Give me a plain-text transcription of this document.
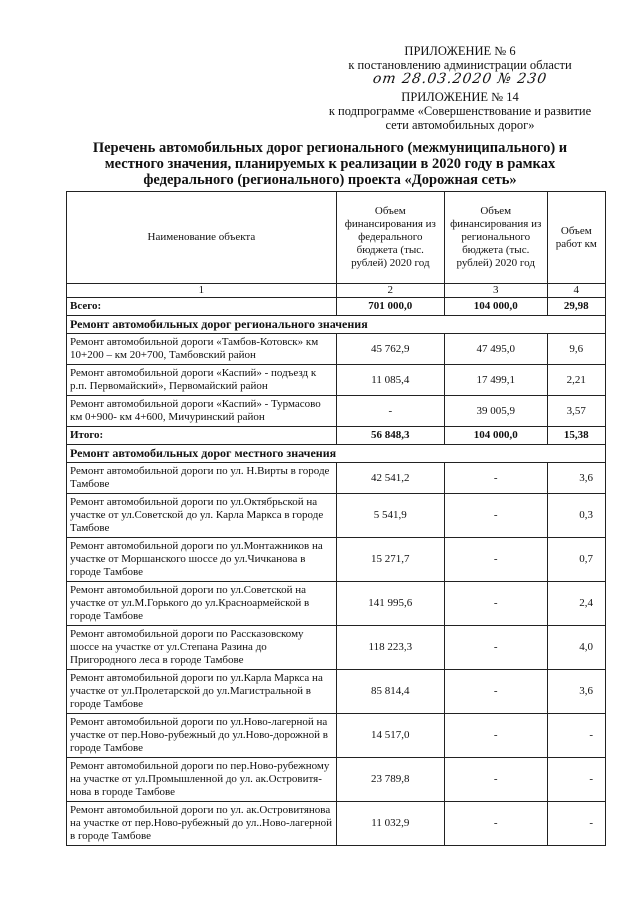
ПРИЛОЖЕНИЕ № 6
к постановлению администрации области
от 28.03.2020 № 230
ПРИЛОЖЕНИЕ № 14
к подпрограмме «Совершенствование и развитие
сети автомобильных дорог»
Перечень автомобильных дорог регионального (межмуниципального) и
местного значения, планируемых к реализации в 2020 году в рамках
федерального (регионального) проекта «Дорожная сеть»
Наименование объекта	Объем финансирования из федерального бюджета (тыс. рублей) 2020 год	Объем финансирования из регионального бюджета (тыс. рублей) 2020 год	Объем работ км
1	2	3	4
Всего:	701 000,0	104 000,0	29,98
Ремонт автомобильных дорог регионального значения			
Ремонт автомобильной дороги «Тамбов-Котовск» км 10+200 – км 20+700, Тамбовский район	45 762,9	47 495,0	9,6
Ремонт автомобильной дороги «Каспий» - подъезд к р.п. Первомайский», Первомайский район	11 085,4	17 499,1	2,21
Ремонт автомобильной дороги «Каспий» - Турмасово км 0+900- км 4+600, Мичуринский район	-	39 005,9	3,57
Итого:	56 848,3	104 000,0	15,38
Ремонт автомобильных дорог местного значения			
Ремонт автомобильной дороги по ул. Н.Вирты в городе Тамбове	42 541,2	-	3,6
Ремонт автомобильной дороги по ул.Октябрьской на участке от ул.Советской до ул. Карла Маркса в городе Тамбове	5 541,9	-	0,3
Ремонт автомобильной дороги по ул.Монтажников на участке от Моршанского шоссе до ул.Чичканова в городе Тамбове	15 271,7	-	0,7
Ремонт автомобильной дороги по ул.Советской на участке от ул.М.Горького до ул.Красноармейской в городе Тамбове	141 995,6	-	2,4
Ремонт автомобильной дороги по Рассказовскому шоссе на участке от ул.Степана Разина до Пригородного леса в городе Тамбове	118 223,3	-	4,0
Ремонт автомобильной дороги по ул.Карла Маркса на участке от ул.Пролетарской до ул.Магистральной в городе Тамбове	85 814,4	-	3,6
Ремонт автомобильной дороги по ул.Ново-лагерной на участке от пер.Ново-рубежный до ул.Ново-дорожной в городе Тамбове	14 517,0	-	-
Ремонт автомобильной дороги по пер.Ново-рубежному на участке от ул.Промышленной до ул. ак.Островитя-нова в городе Тамбове	23 789,8	-	-
Ремонт автомобильной дороги по ул. ак.Островитянова на участке от пер.Ново-рубежный до ул..Ново-лагерной в городе Тамбове	11 032,9	-	-
